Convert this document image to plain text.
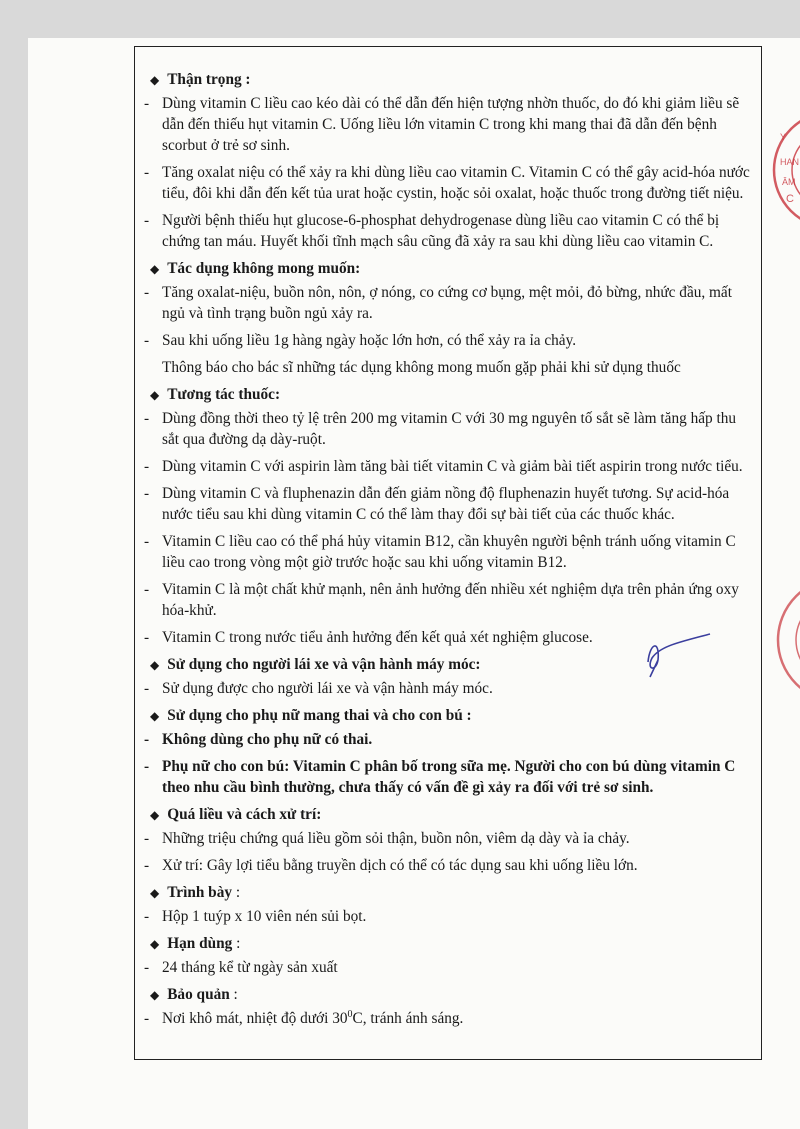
◆ Thận trọng :
- Dùng vitamin C liều cao kéo dài có thể dẫn đến hiện tượng nhờn thuốc, do đó khi giảm liều sẽ dẫn đến thiếu hụt vitamin C. Uống liều lớn vitamin C trong khi mang thai đã dẫn đến bệnh scorbut ở trẻ sơ sinh.
- Tăng oxalat niệu có thể xảy ra khi dùng liều cao vitamin C. Vitamin C có thể gây acid-hóa nước tiểu, đôi khi dẫn đến kết tủa urat hoặc cystin, hoặc sỏi oxalat, hoặc thuốc trong đường tiết niệu.
- Người bệnh thiếu hụt glucose-6-phosphat dehydrogenase dùng liều cao vitamin C có thể bị chứng tan máu. Huyết khối tĩnh mạch sâu cũng đã xảy ra sau khi dùng liều cao vitamin C.
◆ Tác dụng không mong muốn:
- Tăng oxalat-niệu, buồn nôn, nôn, ợ nóng, co cứng cơ bụng, mệt mỏi, đỏ bừng, nhức đầu, mất ngủ và tình trạng buồn ngủ xảy ra.
- Sau khi uống liều 1g hàng ngày hoặc lớn hơn, có thể xảy ra ỉa chảy.
Thông báo cho bác sĩ những tác dụng không mong muốn gặp phải khi sử dụng thuốc
◆ Tương tác thuốc:
- Dùng đồng thời theo tỷ lệ trên 200 mg vitamin C với 30 mg nguyên tố sắt sẽ làm tăng hấp thu sắt qua đường dạ dày-ruột.
- Dùng vitamin C với aspirin làm tăng bài tiết vitamin C và giảm bài tiết aspirin trong nước tiểu.
- Dùng vitamin C và fluphenazin dẫn đến giảm nồng độ fluphenazin huyết tương. Sự acid-hóa nước tiểu sau khi dùng vitamin C có thể làm thay đổi sự bài tiết của các thuốc khác.
- Vitamin C liều cao có thể phá hủy vitamin B12, cần khuyên người bệnh tránh uống vitamin C liều cao trong vòng một giờ trước hoặc sau khi uống vitamin B12.
- Vitamin C là một chất khử mạnh, nên ảnh hưởng đến nhiều xét nghiệm dựa trên phản ứng oxy hóa-khử.
- Vitamin C trong nước tiểu ảnh hưởng đến kết quả xét nghiệm glucose.
◆ Sử dụng cho người lái xe và vận hành máy móc:
- Sử dụng được cho người lái xe và vận hành máy móc.
◆ Sử dụng cho phụ nữ mang thai và cho con bú :
- Không dùng cho phụ nữ có thai.
- Phụ nữ cho con bú: Vitamin C phân bố trong sữa mẹ. Người cho con bú dùng vitamin C theo nhu cầu bình thường, chưa thấy có vấn đề gì xảy ra đối với trẻ sơ sinh.
◆ Quá liều và cách xử trí:
- Những triệu chứng quá liều gồm sỏi thận, buồn nôn, viêm dạ dày và ỉa chảy.
- Xử trí: Gây lợi tiểu bằng truyền dịch có thể có tác dụng sau khi uống liều lớn.
◆ Trình bày :
- Hộp 1 tuýp x 10 viên nén sủi bọt.
◆ Hạn dùng :
- 24 tháng kể từ ngày sản xuất
◆ Bảo quản :
- Nơi khô mát, nhiệt độ dưới $30^0C$, tránh ánh sáng.
Y
HAN
ÂM
C
